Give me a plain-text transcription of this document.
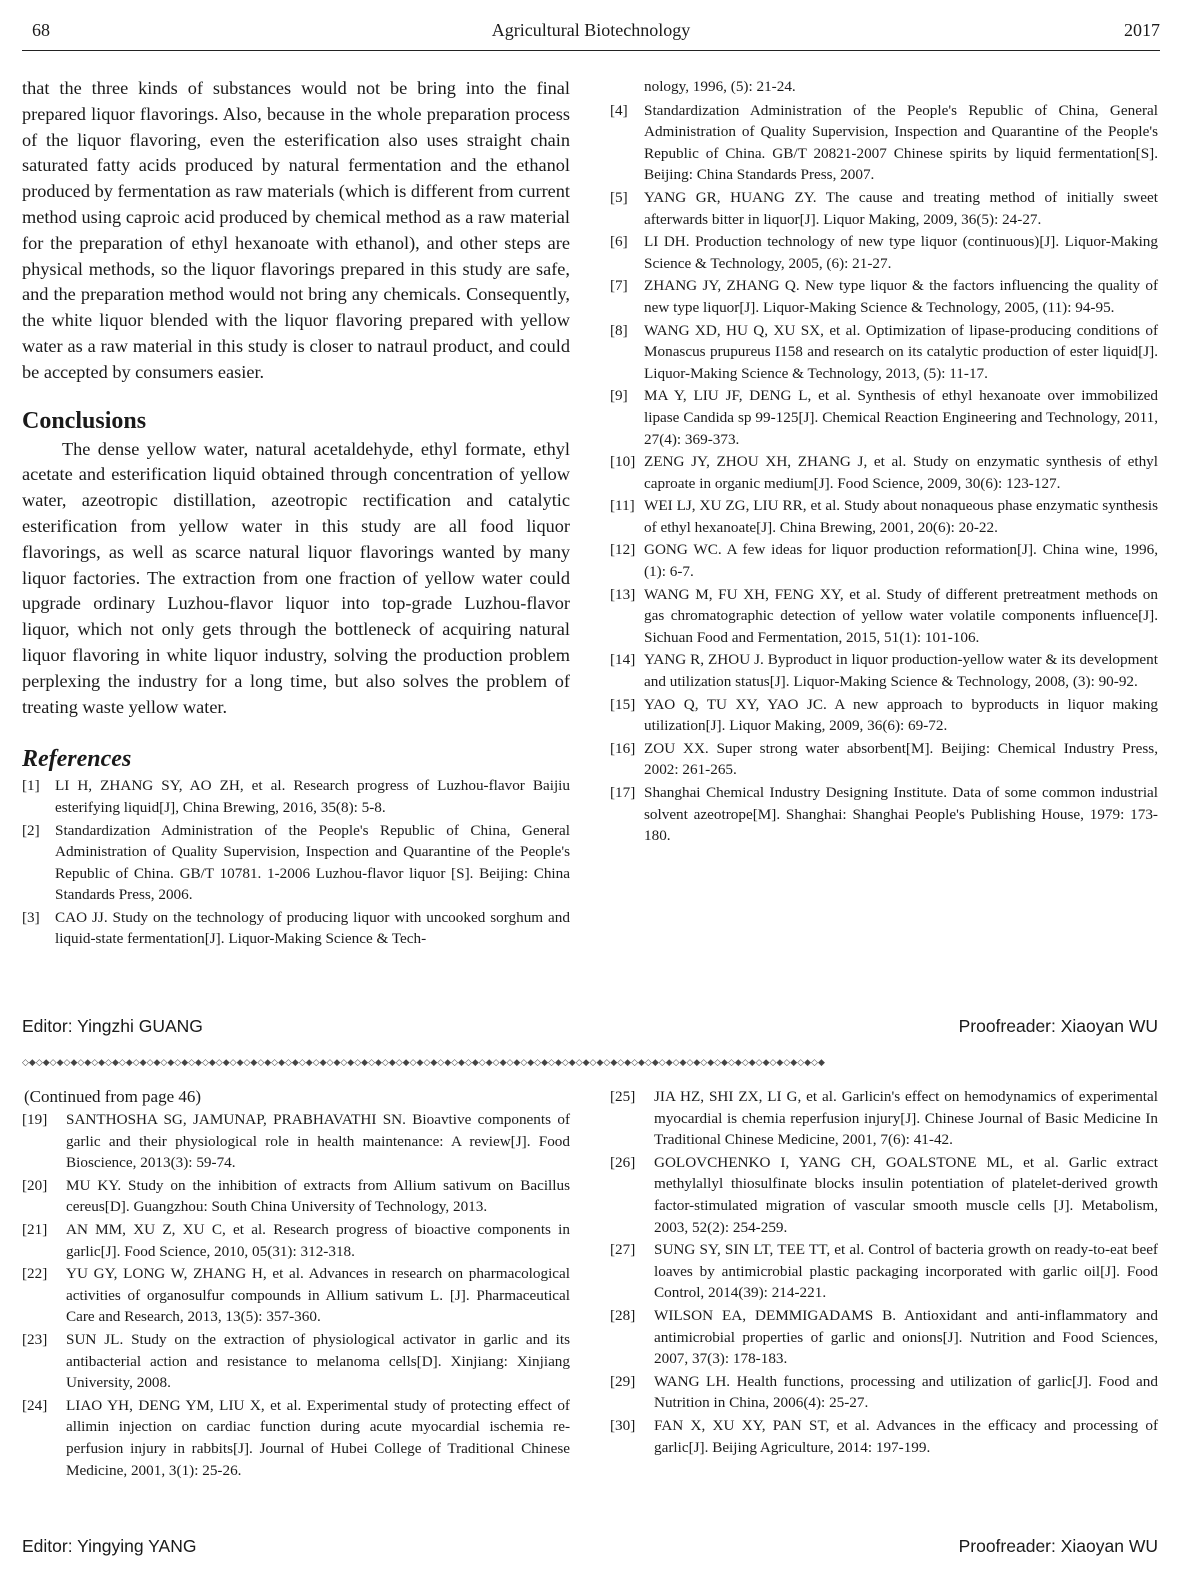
68	Agricultural Biotechnology	2017

that the three kinds of substances would not be bring into the final prepared liquor flavorings. Also, because in the whole preparation process of the liquor flavoring, even the esterification also uses straight chain saturated fatty acids produced by natural fermentation and the ethanol produced by fermentation as raw materials (which is different from current method using caproic acid produced by chemical method as a raw material for the preparation of ethyl hexanoate with ethanol), and other steps are physical methods, so the liquor flavorings prepared in this study are safe, and the preparation method would not bring any chemicals. Consequently, the white liquor blended with the liquor flavoring prepared with yellow water as a raw material in this study is closer to natraul product, and could be accepted by consumers easier.

Conclusions

The dense yellow water, natural acetaldehyde, ethyl formate, ethyl acetate and esterification liquid obtained through concentration of yellow water, azeotropic distillation, azeotropic rectification and catalytic esterification from yellow water in this study are all food liquor flavorings, as well as scarce natural liquor flavorings wanted by many liquor factories. The extraction from one fraction of yellow water could upgrade ordinary Luzhou-flavor liquor into top-grade Luzhou-flavor liquor, which not only gets through the bottleneck of acquiring natural liquor flavoring in white liquor industry, solving the production problem perplexing the industry for a long time, but also solves the problem of treating waste yellow water.

References
[1] LI H, ZHANG SY, AO ZH, et al. Research progress of Luzhou-flavor Baijiu esterifying liquid[J], China Brewing, 2016, 35(8): 5-8.
[2] Standardization Administration of the People's Republic of China, General Administration of Quality Supervision, Inspection and Quarantine of the People's Republic of China. GB/T 10781. 1-2006 Luzhou-flavor liquor [S]. Beijing: China Standards Press, 2006.
[3] CAO JJ. Study on the technology of producing liquor with uncooked sorghum and liquid-state fermentation[J]. Liquor-Making Science & Tech-
nology, 1996, (5): 21-24.
[4] Standardization Administration of the People's Republic of China, General Administration of Quality Supervision, Inspection and Quarantine of the People's Republic of China. GB/T 20821-2007 Chinese spirits by liquid fermentation[S]. Beijing: China Standards Press, 2007.
[5] YANG GR, HUANG ZY. The cause and treating method of initially sweet afterwards bitter in liquor[J]. Liquor Making, 2009, 36(5): 24-27.
[6] LI DH. Production technology of new type liquor (continuous)[J]. Liquor-Making Science & Technology, 2005, (6): 21-27.
[7] ZHANG JY, ZHANG Q. New type liquor & the factors influencing the quality of new type liquor[J]. Liquor-Making Science & Technology, 2005, (11): 94-95.
[8] WANG XD, HU Q, XU SX, et al. Optimization of lipase-producing conditions of Monascus prupureus I158 and research on its catalytic production of ester liquid[J]. Liquor-Making Science & Technology, 2013, (5): 11-17.
[9] MA Y, LIU JF, DENG L, et al. Synthesis of ethyl hexanoate over immobilized lipase Candida sp 99-125[J]. Chemical Reaction Engineering and Technology, 2011, 27(4): 369-373.
[10] ZENG JY, ZHOU XH, ZHANG J, et al. Study on enzymatic synthesis of ethyl caproate in organic medium[J]. Food Science, 2009, 30(6): 123-127.
[11] WEI LJ, XU ZG, LIU RR, et al. Study about nonaqueous phase enzymatic synthesis of ethyl hexanoate[J]. China Brewing, 2001, 20(6): 20-22.
[12] GONG WC. A few ideas for liquor production reformation[J]. China wine, 1996, (1): 6-7.
[13] WANG M, FU XH, FENG XY, et al. Study of different pretreatment methods on gas chromatographic detection of yellow water volatile components influence[J]. Sichuan Food and Fermentation, 2015, 51(1): 101-106.
[14] YANG R, ZHOU J. Byproduct in liquor production-yellow water & its development and utilization status[J]. Liquor-Making Science & Technology, 2008, (3): 90-92.
[15] YAO Q, TU XY, YAO JC. A new approach to byproducts in liquor making utilization[J]. Liquor Making, 2009, 36(6): 69-72.
[16] ZOU XX. Super strong water absorbent[M]. Beijing: Chemical Industry Press, 2002: 261-265.
[17] Shanghai Chemical Industry Designing Institute. Data of some common industrial solvent azeotrope[M]. Shanghai: Shanghai People's Publishing House, 1979: 173-180.
Editor: Yingzhi GUANG	Proofreader: Xiaoyan WU
◇◆◇◆◇◆◇◆◇◆◇◆◇◆◇◆◇◆◇◆◇◆◇◆◇◆◇◆◇◆◇◆◇◆◇◆◇◆◇◆◇◆◇◆◇◆◇◆◇◆◇◆◇◆◇◆◇◆◇◆◇◆◇◆◇◆◇◆◇◆◇◆◇◆◇◆◇◆◇◆◇◆◇◆◇◆◇◆◇◆◇◆◇◆◇◆◇◆◇◆◇◆◇◆◇◆◇◆◇◆◇◆◇◆◇◆

(Continued from page 46)

[19] SANTHOSHA SG, JAMUNAP, PRABHAVATHI SN. Bioavtive components of garlic and their physiological role in health maintenance: A review[J]. Food Bioscience, 2013(3): 59-74.
[20] MU KY. Study on the inhibition of extracts from Allium sativum on Bacillus cereus[D]. Guangzhou: South China University of Technology, 2013.
[21] AN MM, XU Z, XU C, et al. Research progress of bioactive components in garlic[J]. Food Science, 2010, 05(31): 312-318.
[22] YU GY, LONG W, ZHANG H, et al. Advances in research on pharmacological activities of organosulfur compounds in Allium sativum L. [J]. Pharmaceutical Care and Research, 2013, 13(5): 357-360.
[23] SUN JL. Study on the extraction of physiological activator in garlic and its antibacterial action and resistance to melanoma cells[D]. Xinjiang: Xinjiang University, 2008.
[24] LIAO YH, DENG YM, LIU X, et al. Experimental study of protecting effect of allimin injection on cardiac function during acute myocardial ischemia re-perfusion injury in rabbits[J]. Journal of Hubei College of Traditional Chinese Medicine, 2001, 3(1): 25-26.
[25] JIA HZ, SHI ZX, LI G, et al. Garlicin's effect on hemodynamics of experimental myocardial is chemia reperfusion injury[J]. Chinese Journal of Basic Medicine In Traditional Chinese Medicine, 2001, 7(6): 41-42.
[26] GOLOVCHENKO I, YANG CH, GOALSTONE ML, et al. Garlic extract methylallyl thiosulfinate blocks insulin potentiation of platelet-derived growth factor-stimulated migration of vascular smooth muscle cells [J]. Metabolism, 2003, 52(2): 254-259.
[27] SUNG SY, SIN LT, TEE TT, et al. Control of bacteria growth on ready-to-eat beef loaves by antimicrobial plastic packaging incorporated with garlic oil[J]. Food Control, 2014(39): 214-221.
[28] WILSON EA, DEMMIGADAMS B. Antioxidant and anti-inflammatory and antimicrobial properties of garlic and onions[J]. Nutrition and Food Sciences, 2007, 37(3): 178-183.
[29] WANG LH. Health functions, processing and utilization of garlic[J]. Food and Nutrition in China, 2006(4): 25-27.
[30] FAN X, XU XY, PAN ST, et al. Advances in the efficacy and processing of garlic[J]. Beijing Agriculture, 2014: 197-199.
Editor: Yingying YANG	Proofreader: Xiaoyan WU
